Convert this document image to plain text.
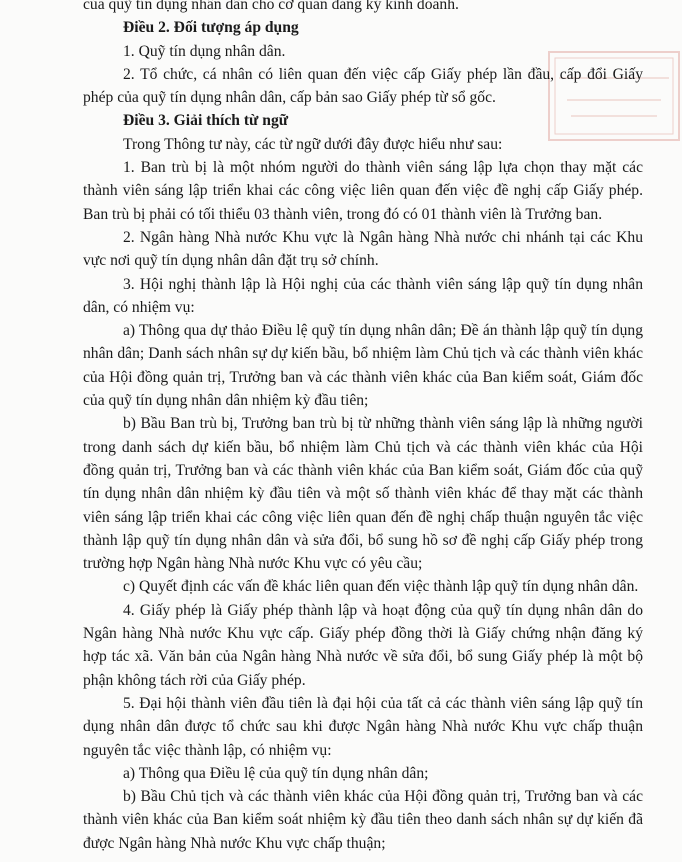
của quỹ tín dụng nhân dân cho cơ quan đăng ký kinh doanh.

Điều 2. Đối tượng áp dụng

1. Quỹ tín dụng nhân dân.

2. Tổ chức, cá nhân có liên quan đến việc cấp Giấy phép lần đầu, cấp đổi Giấy phép của quỹ tín dụng nhân dân, cấp bản sao Giấy phép từ sổ gốc.

Điều 3. Giải thích từ ngữ

Trong Thông tư này, các từ ngữ dưới đây được hiểu như sau:

1. Ban trù bị là một nhóm người do thành viên sáng lập lựa chọn thay mặt các thành viên sáng lập triển khai các công việc liên quan đến việc đề nghị cấp Giấy phép. Ban trù bị phải có tối thiểu 03 thành viên, trong đó có 01 thành viên là Trưởng ban.

2. Ngân hàng Nhà nước Khu vực là Ngân hàng Nhà nước chi nhánh tại các Khu vực nơi quỹ tín dụng nhân dân đặt trụ sở chính.

3. Hội nghị thành lập là Hội nghị của các thành viên sáng lập quỹ tín dụng nhân dân, có nhiệm vụ:

a) Thông qua dự thảo Điều lệ quỹ tín dụng nhân dân; Đề án thành lập quỹ tín dụng nhân dân; Danh sách nhân sự dự kiến bầu, bổ nhiệm làm Chủ tịch và các thành viên khác của Hội đồng quản trị, Trưởng ban và các thành viên khác của Ban kiểm soát, Giám đốc của quỹ tín dụng nhân dân nhiệm kỳ đầu tiên;

b) Bầu Ban trù bị, Trưởng ban trù bị từ những thành viên sáng lập là những người trong danh sách dự kiến bầu, bổ nhiệm làm Chủ tịch và các thành viên khác của Hội đồng quản trị, Trưởng ban và các thành viên khác của Ban kiểm soát, Giám đốc của quỹ tín dụng nhân dân nhiệm kỳ đầu tiên và một số thành viên khác để thay mặt các thành viên sáng lập triển khai các công việc liên quan đến đề nghị chấp thuận nguyên tắc việc thành lập quỹ tín dụng nhân dân và sửa đổi, bổ sung hồ sơ đề nghị cấp Giấy phép trong trường hợp Ngân hàng Nhà nước Khu vực có yêu cầu;

c) Quyết định các vấn đề khác liên quan đến việc thành lập quỹ tín dụng nhân dân.

4. Giấy phép là Giấy phép thành lập và hoạt động của quỹ tín dụng nhân dân do Ngân hàng Nhà nước Khu vực cấp. Giấy phép đồng thời là Giấy chứng nhận đăng ký hợp tác xã. Văn bản của Ngân hàng Nhà nước về sửa đổi, bổ sung Giấy phép là một bộ phận không tách rời của Giấy phép.

5. Đại hội thành viên đầu tiên là đại hội của tất cả các thành viên sáng lập quỹ tín dụng nhân dân được tổ chức sau khi được Ngân hàng Nhà nước Khu vực chấp thuận nguyên tắc việc thành lập, có nhiệm vụ:

a) Thông qua Điều lệ của quỹ tín dụng nhân dân;

b) Bầu Chủ tịch và các thành viên khác của Hội đồng quản trị, Trưởng ban và các thành viên khác của Ban kiểm soát nhiệm kỳ đầu tiên theo danh sách nhân sự dự kiến đã được Ngân hàng Nhà nước Khu vực chấp thuận;
